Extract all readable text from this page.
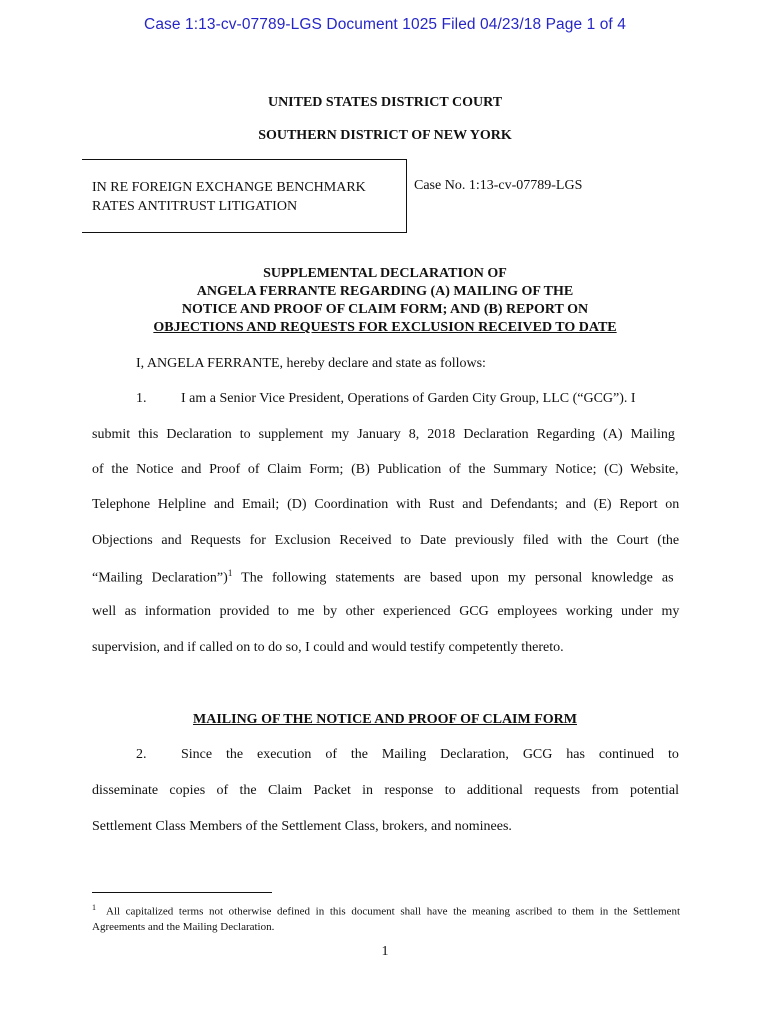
Case 1:13-cv-07789-LGS Document 1025 Filed 04/23/18 Page 1 of 4
UNITED STATES DISTRICT COURT
SOUTHERN DISTRICT OF NEW YORK
IN RE FOREIGN EXCHANGE BENCHMARK
RATES ANTITRUST LITIGATION
Case No. 1:13-cv-07789-LGS
SUPPLEMENTAL DECLARATION OF
ANGELA FERRANTE REGARDING (A) MAILING OF THE
NOTICE AND PROOF OF CLAIM FORM; AND (B) REPORT ON
OBJECTIONS AND REQUESTS FOR EXCLUSION RECEIVED TO DATE
I, ANGELA FERRANTE, hereby declare and state as follows:
1. I am a Senior Vice President, Operations of Garden City Group, LLC (“GCG”). I
submit this Declaration to supplement my January 8, 2018 Declaration Regarding (A) Mailing
of the Notice and Proof of Claim Form; (B) Publication of the Summary Notice; (C) Website,
Telephone Helpline and Email; (D) Coordination with Rust and Defendants; and (E) Report on
Objections and Requests for Exclusion Received to Date previously filed with the Court (the
“Mailing Declaration”)$^1$ The following statements are based upon my personal knowledge as
well as information provided to me by other experienced GCG employees working under my
supervision, and if called on to do so, I could and would testify competently thereto.
MAILING OF THE NOTICE AND PROOF OF CLAIM FORM
2. Since the execution of the Mailing Declaration, GCG has continued to
disseminate copies of the Claim Packet in response to additional requests from potential
Settlement Class Members of the Settlement Class, brokers, and nominees.
$^1$ All capitalized terms not otherwise defined in this document shall have the meaning ascribed to them in the Settlement Agreements and the Mailing Declaration.
1
